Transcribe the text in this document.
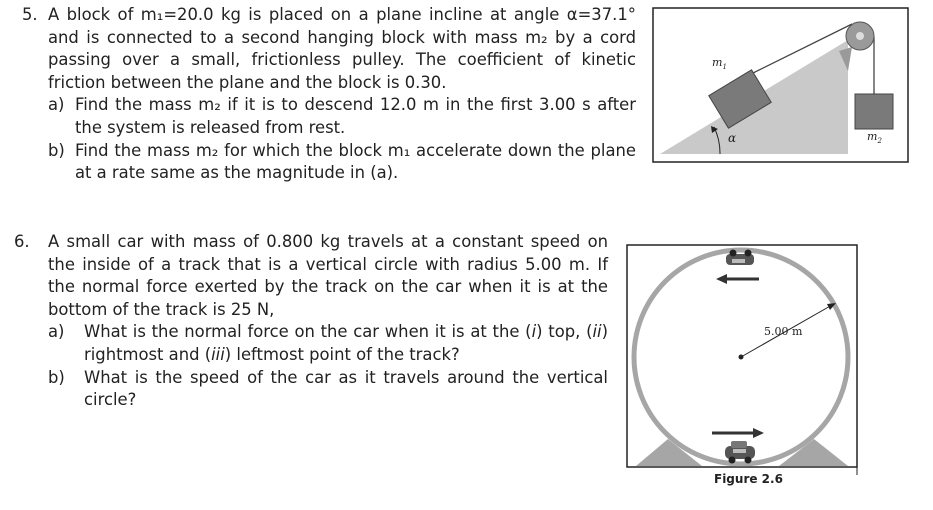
5. A block of m₁=20.0 kg is placed on a plane incline at angle α=37.1° and is connected to a second hanging block with mass m₂ by a cord passing over a small, frictionless pulley. The coefficient of kinetic friction between the plane and the block is 0.30.

a) Find the mass m₂ if it is to descend 12.0 m in the first 3.00 s after the system is released from rest.

b) Find the mass m₂ for which the block m₁ accelerate down the plane at a rate same as the magnitude in (a).

$m_1$
$m_2$
α
6. A small car with mass of 0.800 kg travels at a constant speed on the inside of a track that is a vertical circle with radius 5.00 m. If the normal force exerted by the track on the car when it is at the bottom of the track is 25 N,

a) What is the normal force on the car when it is at the (i) top, (ii) rightmost and (iii) leftmost point of the track?

b) What is the speed of the car as it travels around the vertical circle?

5.00 m
Figure 2.6
